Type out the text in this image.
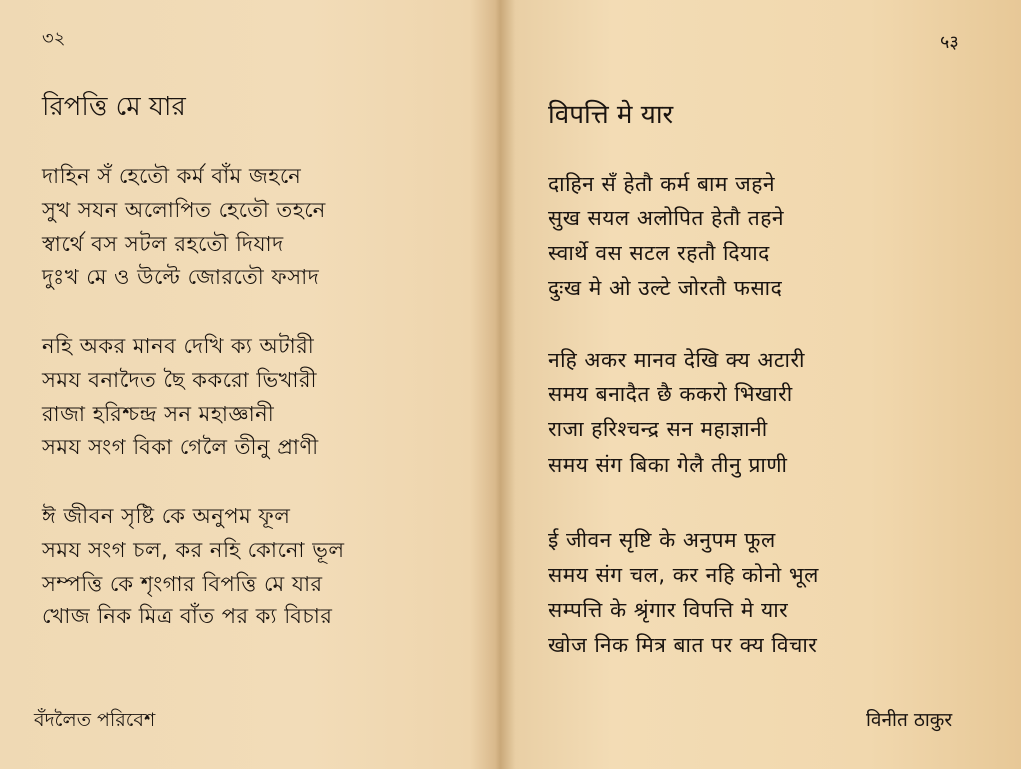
৩২
রিপত্তি মে যার
দাহিন সঁ হেতৌ কর্ম বাঁম জহনে
সুখ সযন অলোপিত হেতৌ তহনে
স্বার্থে বস সটল রহতৌ দিযাদ
দুঃখ মে ও উল্টে জোরতৌ ফসাদ
নহি অকর মানব দেখি ক্য অটারী
সময বনাদৈত ছৈ ককরো ভিখারী
রাজা হরিশ্চন্দ্র সন মহাজ্ঞানী
সময সংগ বিকা গেলৈ তীনু প্রাণী
ঈ জীবন সৃষ্টি কে অনুপম ফূল
সময সংগ চল, কর নহি কোনো ভূল
সম্পত্তি কে শৃংগার বিপত্তি মে যার
খোজ নিক মিত্র বাঁত পর ক্য বিচার
বঁদলৈত পরিবেশ
५३
विपत्ति मे यार
दाहिन सँ हेतौ कर्म बाम जहने
सुख सयल अलोपित हेतौ तहने
स्वार्थे वस सटल रहतौ दियाद
दुःख मे ओ उल्टे जोरतौ फसाद
नहि अकर मानव देखि क्य अटारी
समय बनादैत छै ककरो भिखारी
राजा हरिश्चन्द्र सन महाज्ञानी
समय संग बिका गेलै तीनु प्राणी
ई जीवन सृष्टि के अनुपम फूल
समय संग चल, कर नहि कोनो भूल
सम्पत्ति के श्रृंगार विपत्ति मे यार
खोज निक मित्र बात पर क्य विचार
विनीत ठाकुर
